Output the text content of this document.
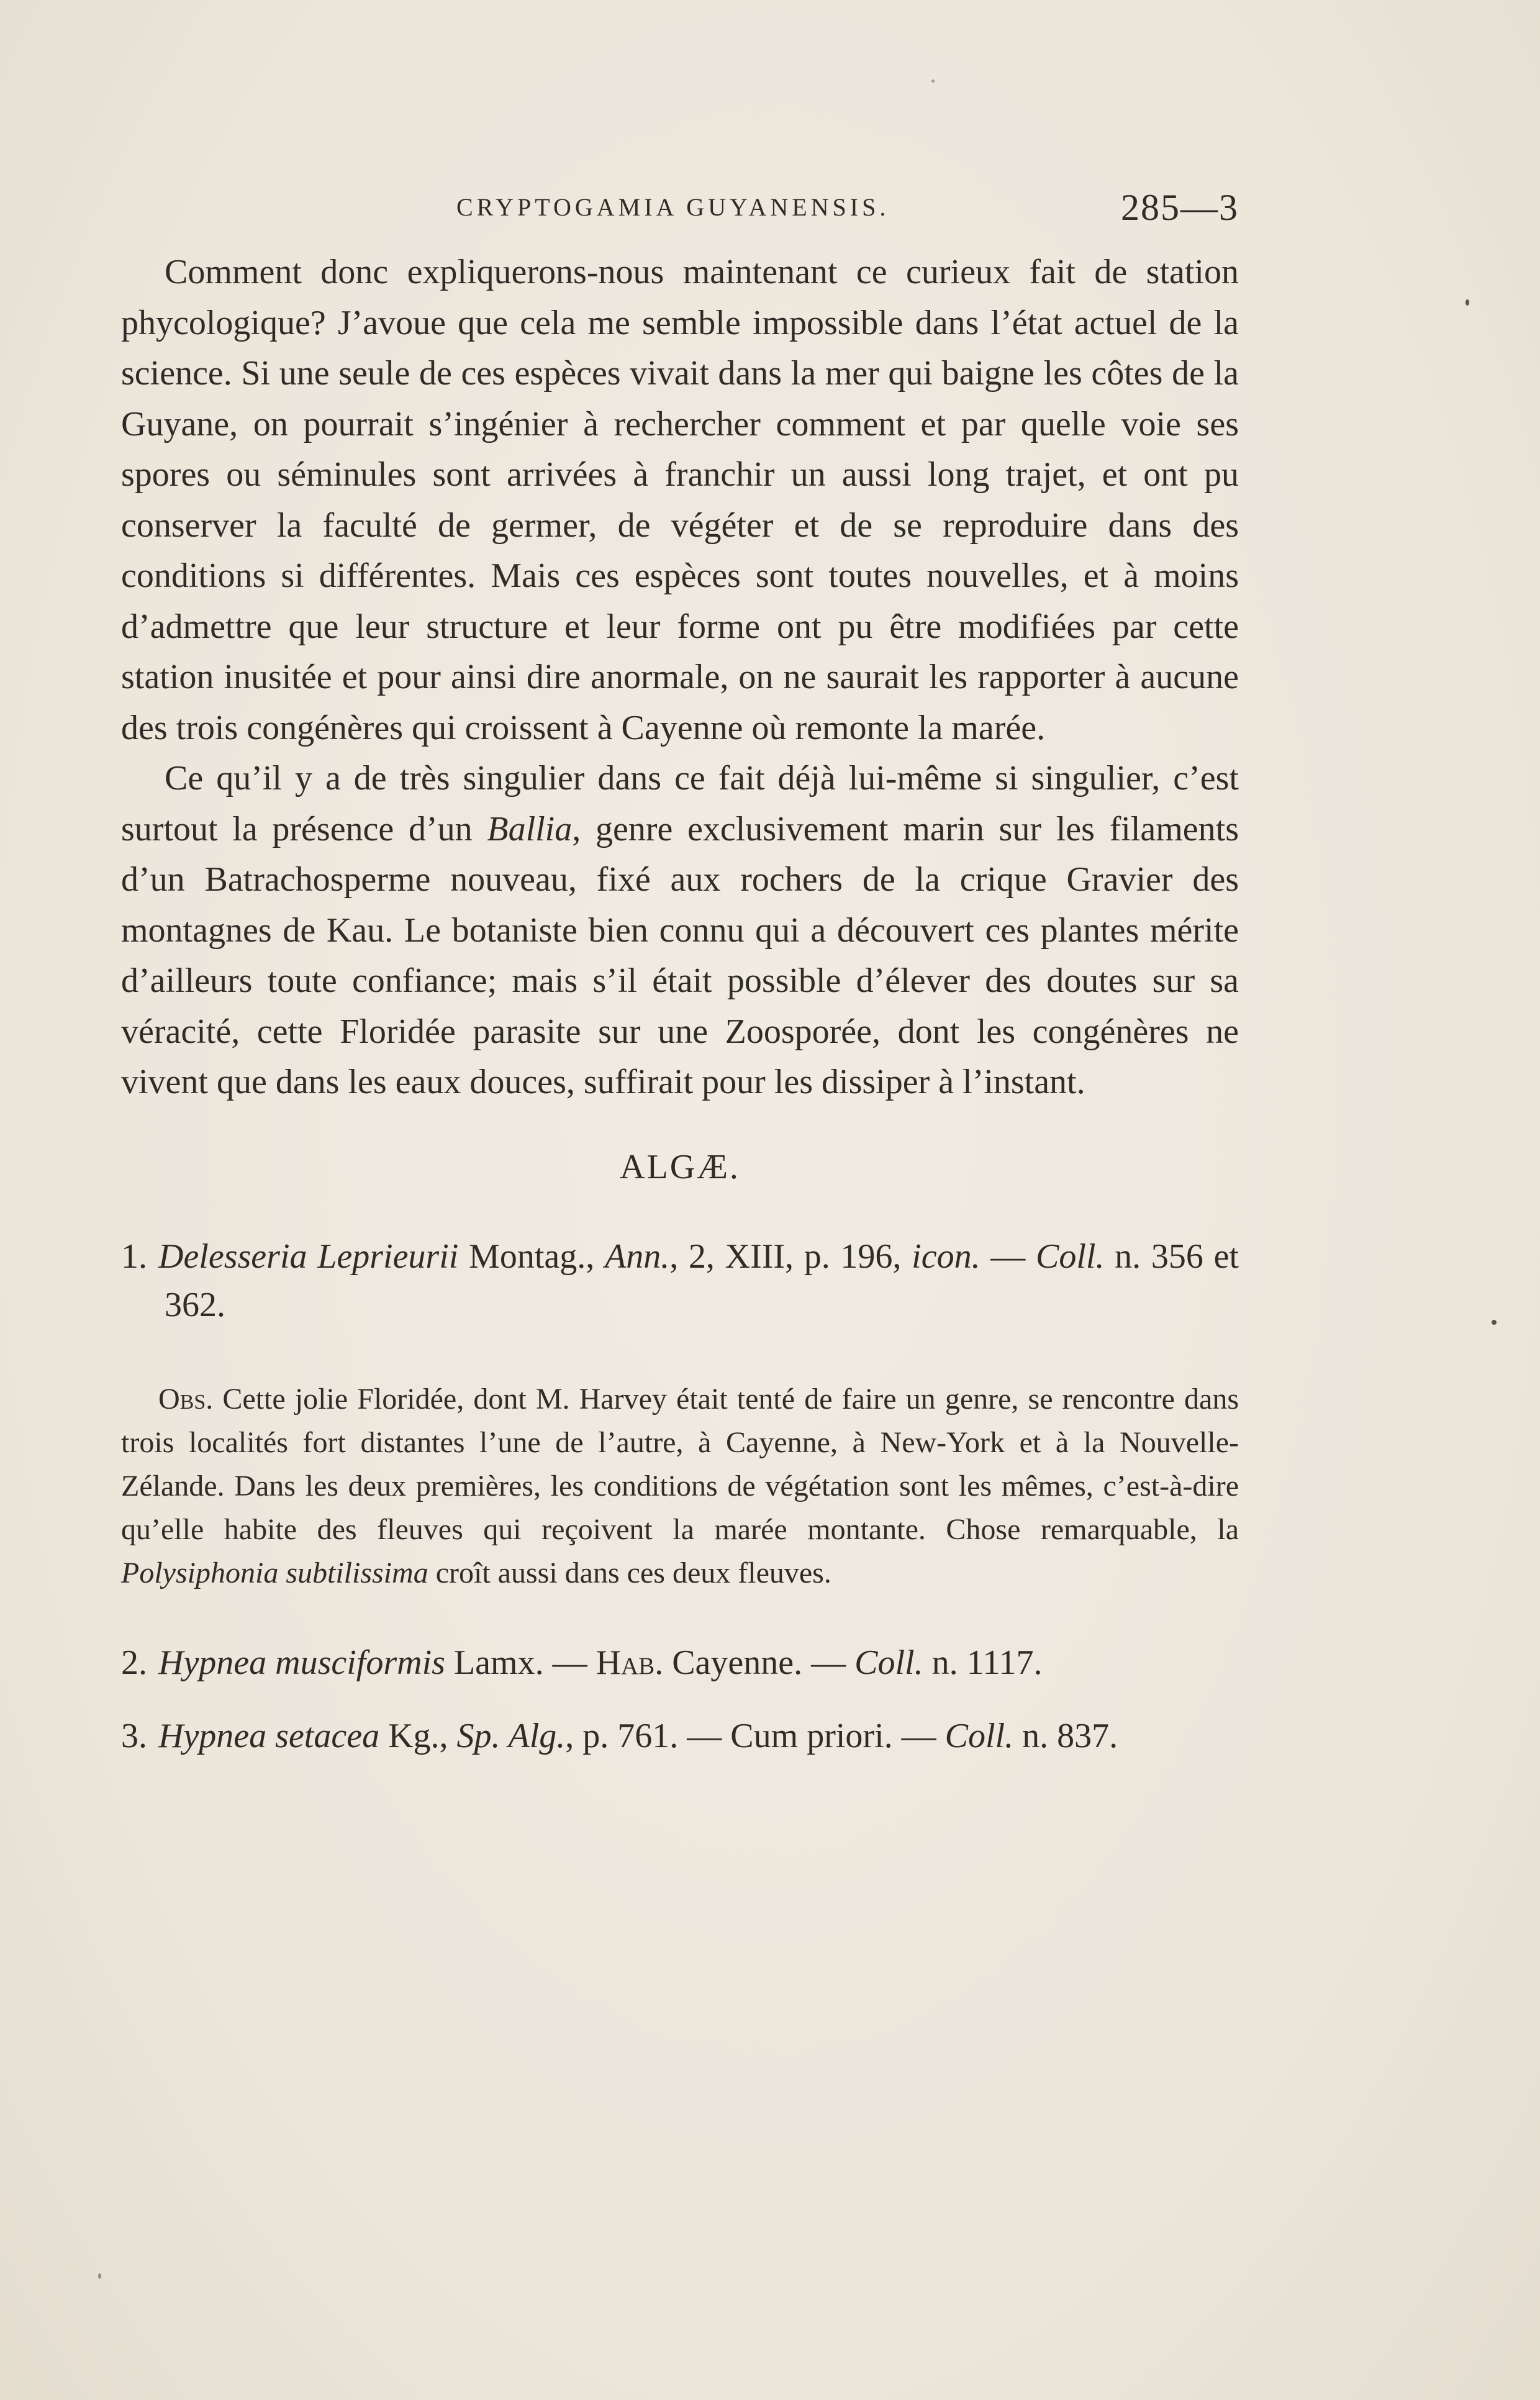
CRYPTOGAMIA GUYANENSIS.	285—3

Comment donc expliquerons-nous maintenant ce curieux fait de station phycologique? J’avoue que cela me semble impossible dans l’état actuel de la science. Si une seule de ces espèces vivait dans la mer qui baigne les côtes de la Guyane, on pourrait s’ingénier à rechercher comment et par quelle voie ses spores ou séminules sont arrivées à franchir un aussi long trajet, et ont pu conserver la faculté de germer, de végéter et de se reproduire dans des conditions si différentes. Mais ces espèces sont toutes nouvelles, et à moins d’admettre que leur structure et leur forme ont pu être modifiées par cette station inusitée et pour ainsi dire anormale, on ne saurait les rapporter à aucune des trois congénères qui croissent à Cayenne où remonte la marée.

Ce qu’il y a de très singulier dans ce fait déjà lui-même si singulier, c’est surtout la présence d’un Ballia, genre exclusivement marin sur les filaments d’un Batrachosperme nouveau, fixé aux rochers de la crique Gravier des montagnes de Kau. Le botaniste bien connu qui a découvert ces plantes mérite d’ailleurs toute confiance; mais s’il était possible d’élever des doutes sur sa véracité, cette Floridée parasite sur une Zoosporée, dont les congénères ne vivent que dans les eaux douces, suffirait pour les dissiper à l’instant.

ALGÆ.

1. Delesseria Leprieurii Montag., Ann., 2, XIII, p. 196, icon. — Coll. n. 356 et 362.

Obs. Cette jolie Floridée, dont M. Harvey était tenté de faire un genre, se rencontre dans trois localités fort distantes l’une de l’autre, à Cayenne, à New-York et à la Nouvelle-Zélande. Dans les deux premières, les conditions de végétation sont les mêmes, c’est-à-dire qu’elle habite des fleuves qui reçoivent la marée montante. Chose remarquable, la Polysiphonia subtilissima croît aussi dans ces deux fleuves.

2. Hypnea musciformis Lamx. — Hab. Cayenne. — Coll. n. 1117.

3. Hypnea setacea Kg., Sp. Alg., p. 761. — Cum priori. — Coll. n. 837.
